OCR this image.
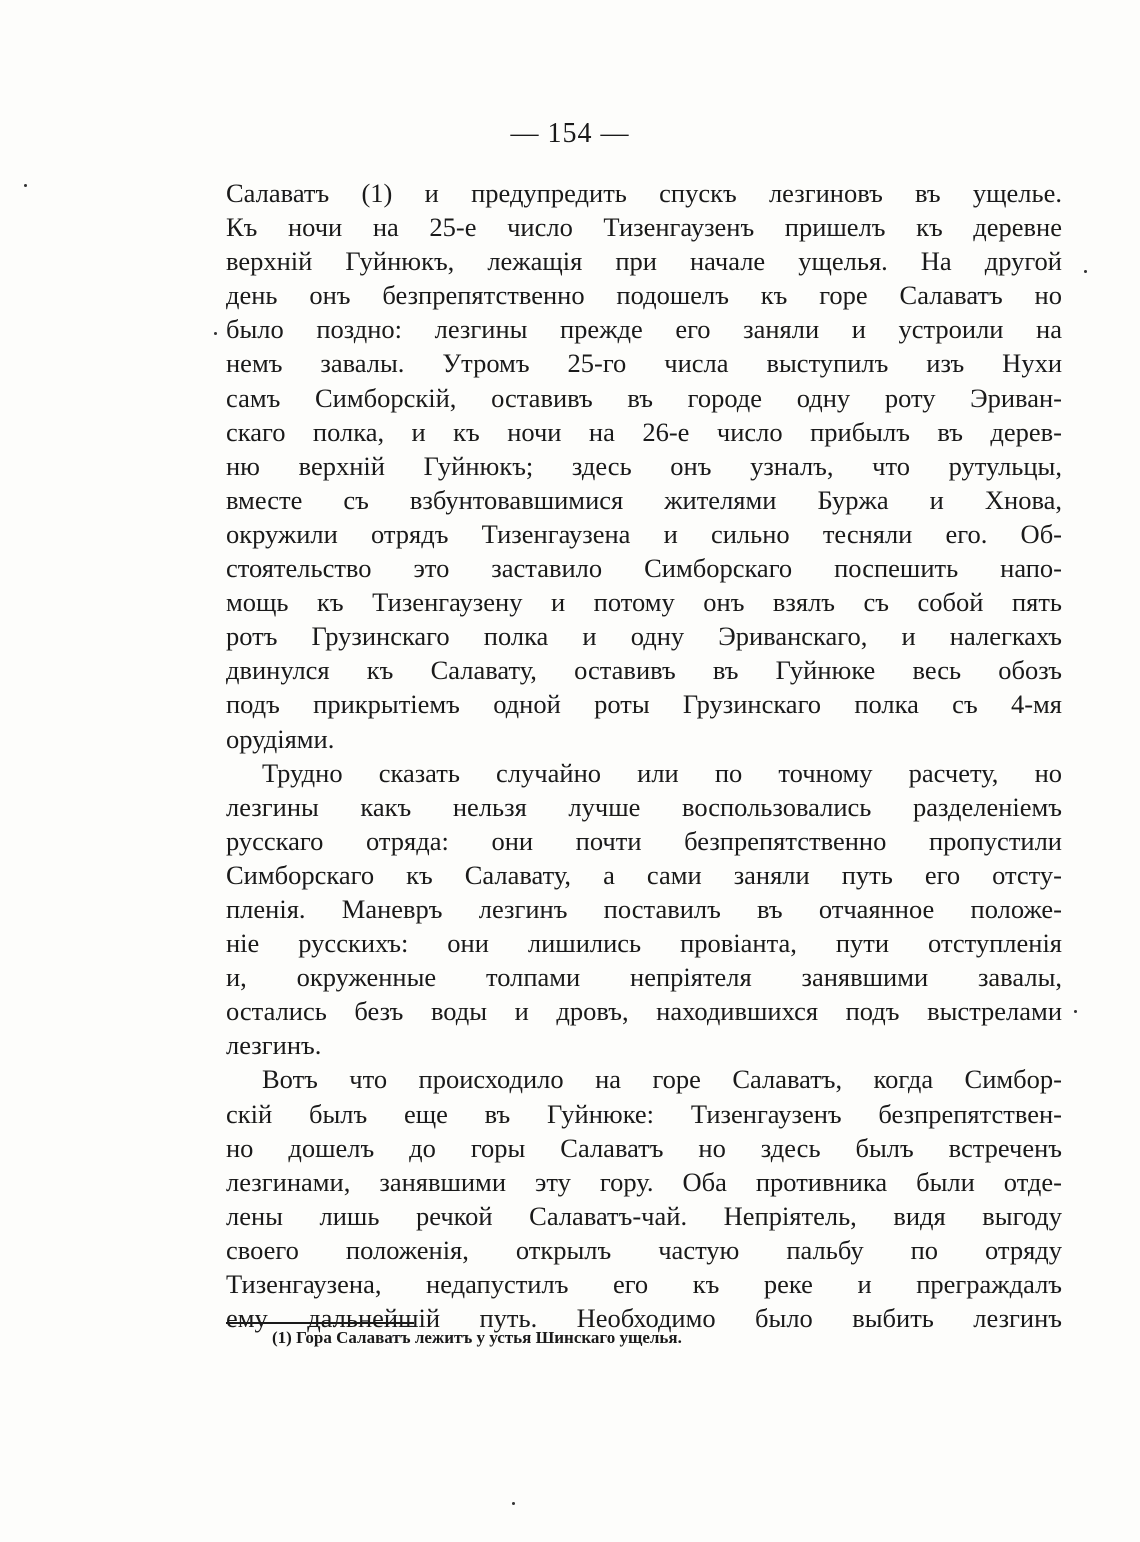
— 154 —
Салаватъ (1) и предупредить спускъ лезгиновъ въ ущелье.
Къ ночи на 25-е число Тизенгаузенъ пришелъ къ деревне
верхній Гуйнюкъ, лежащія при начале ущелья. На другой
день онъ безпрепятственно подошелъ къ горе Салаватъ но
было поздно: лезгины прежде его заняли и устроили на
немъ завалы. Утромъ 25-го числа выступилъ изъ Нухи
самъ Симборскій, оставивъ въ городе одну роту Эриван-
скаго полка, и къ ночи на 26-е число прибылъ въ дерев-
ню верхній Гуйнюкъ; здесь онъ узналъ, что рутульцы,
вместе съ взбунтовавшимися жителями Буржа и Хнова,
окружили отрядъ Тизенгаузена и сильно тесняли его. Об-
стоятельство это заставило Симборскаго поспешить напо-
мощь къ Тизенгаузену и потому онъ взялъ съ собой пять
ротъ Грузинскаго полка и одну Эриванскаго, и налегкахъ
двинулся къ Салавату, оставивъ въ Гуйнюке весь обозъ
подъ прикрытіемъ одной роты Грузинскаго полка съ 4-мя
орудіями.
Трудно сказать случайно или по точному расчету, но
лезгины какъ нельзя лучше воспользовались разделеніемъ
русскаго отряда: они почти безпрепятственно пропустили
Симборскаго къ Салавату, а сами заняли путь его отсту-
пленія. Маневръ лезгинъ поставилъ въ отчаянное положе-
ніе русскихъ: они лишились провіанта, пути отступленія
и, окруженные толпами непріятеля занявшими завалы,
остались безъ воды и дровъ, находившихся подъ выстрелами
лезгинъ.
Вотъ что происходило на горе Салаватъ, когда Симбор-
скій былъ еще въ Гуйнюке: Тизенгаузенъ безпрепятствен-
но дошелъ до горы Салаватъ но здесь былъ встреченъ
лезгинами, занявшими эту гору. Оба противника были отде-
лены лишь речкой Салаватъ-чай. Непріятель, видя выгоду
своего положенія, открылъ частую пальбу по отряду
Тизенгаузена, недапустилъ его къ реке и преграждалъ
ему дальнейшій путь. Необходимо было выбить лезгинъ
(1) Гора Салаватъ лежитъ у устья Шинскаго ущелья.
